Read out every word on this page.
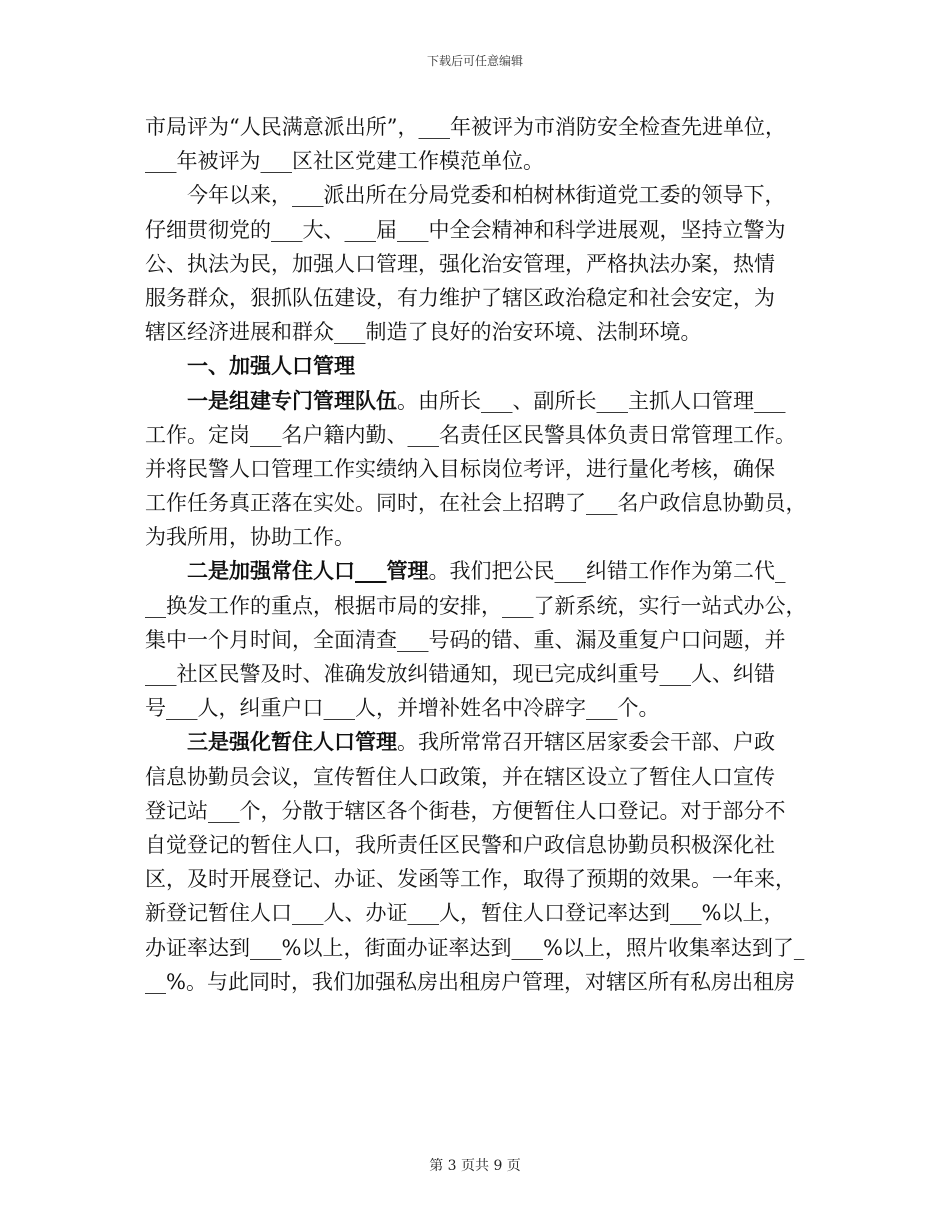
下载后可任意编辑
市局评为“人民满意派出所”，___年被评为市消防安全检查先进单位，
___年被评为___区社区党建工作模范单位。
今年以来，___派出所在分局党委和柏树林街道党工委的领导下，
仔细贯彻党的___大、___届___中全会精神和科学进展观，坚持立警为
公、执法为民，加强人口管理，强化治安管理，严格执法办案，热情
服务群众，狠抓队伍建设，有力维护了辖区政治稳定和社会安定，为
辖区经济进展和群众___制造了良好的治安环境、法制环境。
一、加强人口管理
一是组建专门管理队伍。由所长___、副所长___主抓人口管理___
工作。定岗___名户籍内勤、___名责任区民警具体负责日常管理工作。
并将民警人口管理工作实绩纳入目标岗位考评，进行量化考核，确保
工作任务真正落在实处。同时，在社会上招聘了___名户政信息协勤员，
为我所用，协助工作。
二是加强常住人口___管理。我们把公民___纠错工作作为第二代_
__换发工作的重点，根据市局的安排，___了新系统，实行一站式办公，
集中一个月时间，全面清查___号码的错、重、漏及重复户口问题，并
___社区民警及时、准确发放纠错通知，现已完成纠重号___人、纠错
号___人，纠重户口___人，并增补姓名中冷辟字___个。
三是强化暂住人口管理。我所常常召开辖区居家委会干部、户政
信息协勤员会议，宣传暂住人口政策，并在辖区设立了暂住人口宣传
登记站___个，分散于辖区各个街巷，方便暂住人口登记。对于部分不
自觉登记的暂住人口，我所责任区民警和户政信息协勤员积极深化社
区，及时开展登记、办证、发函等工作，取得了预期的效果。一年来，
新登记暂住人口___人、办证___人，暂住人口登记率达到___%以上，
办证率达到___%以上，街面办证率达到___%以上，照片收集率达到了_
__%。与此同时，我们加强私房出租房户管理，对辖区所有私房出租房
第 3 页共 9 页
